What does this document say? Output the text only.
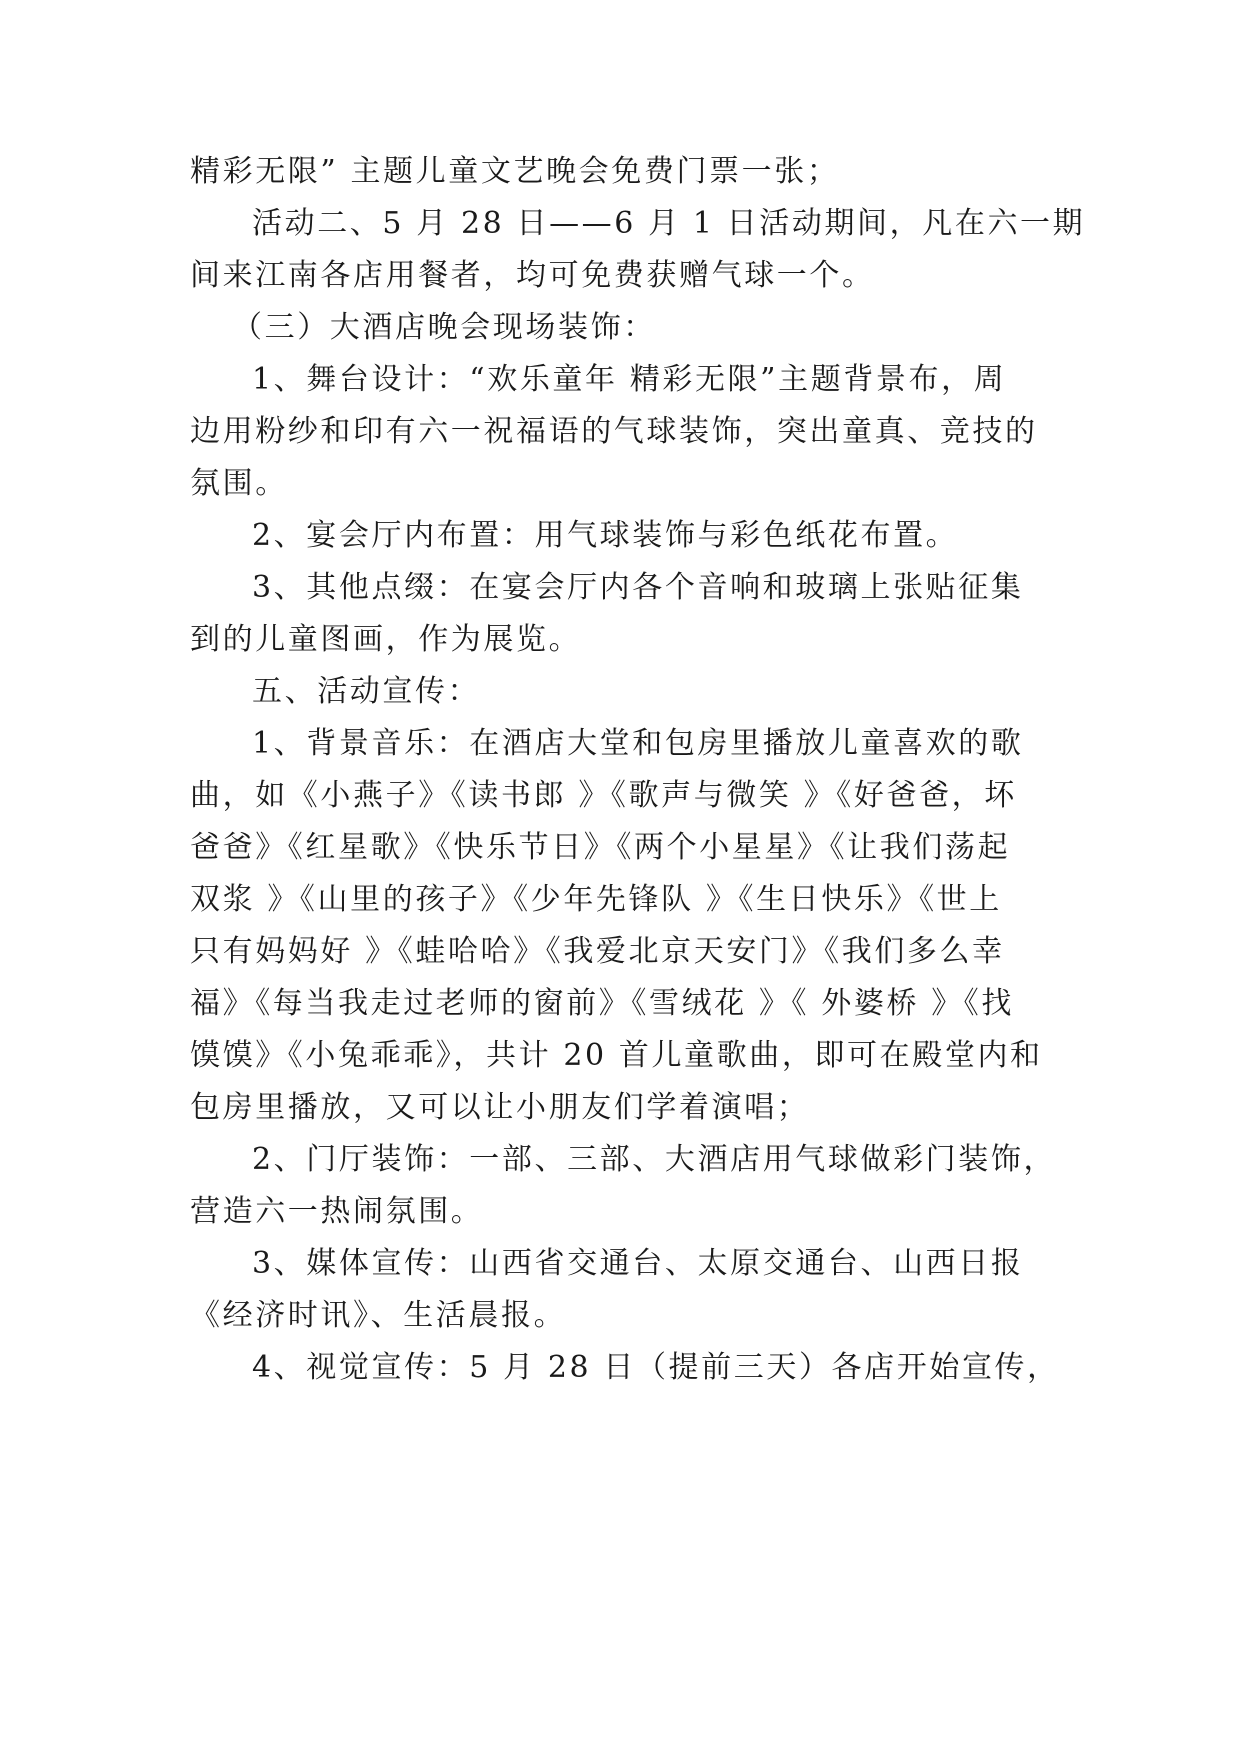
精彩无限” 主题儿童文艺晚会免费门票一张；
活动二、5 月 28 日——6 月 1 日活动期间，凡在六一期
间来江南各店用餐者，均可免费获赠气球一个。
（三）大酒店晚会现场装饰：
1、舞台设计：“欢乐童年 精彩无限”主题背景布，周
边用粉纱和印有六一祝福语的气球装饰，突出童真、竞技的
氛围。
2、宴会厅内布置：用气球装饰与彩色纸花布置。
3、其他点缀：在宴会厅内各个音响和玻璃上张贴征集
到的儿童图画，作为展览。
五、活动宣传：
1、背景音乐：在酒店大堂和包房里播放儿童喜欢的歌
曲，如《小燕子》《读书郎 》《歌声与微笑 》《好爸爸，坏
爸爸》《红星歌》《快乐节日》《两个小星星》《让我们荡起
双浆 》《山里的孩子》《少年先锋队 》《生日快乐》《世上
只有妈妈好 》《蛙哈哈》《我爱北京天安门》《我们多么幸
福》《每当我走过老师的窗前》《雪绒花 》《 外婆桥 》《找
馍馍》《小兔乖乖》，共计 20 首儿童歌曲，即可在殿堂内和
包房里播放，又可以让小朋友们学着演唱；
2、门厅装饰：一部、三部、大酒店用气球做彩门装饰，
营造六一热闹氛围。
3、媒体宣传：山西省交通台、太原交通台、山西日报
《经济时讯》、生活晨报。
4、视觉宣传：5 月 28 日（提前三天）各店开始宣传，
